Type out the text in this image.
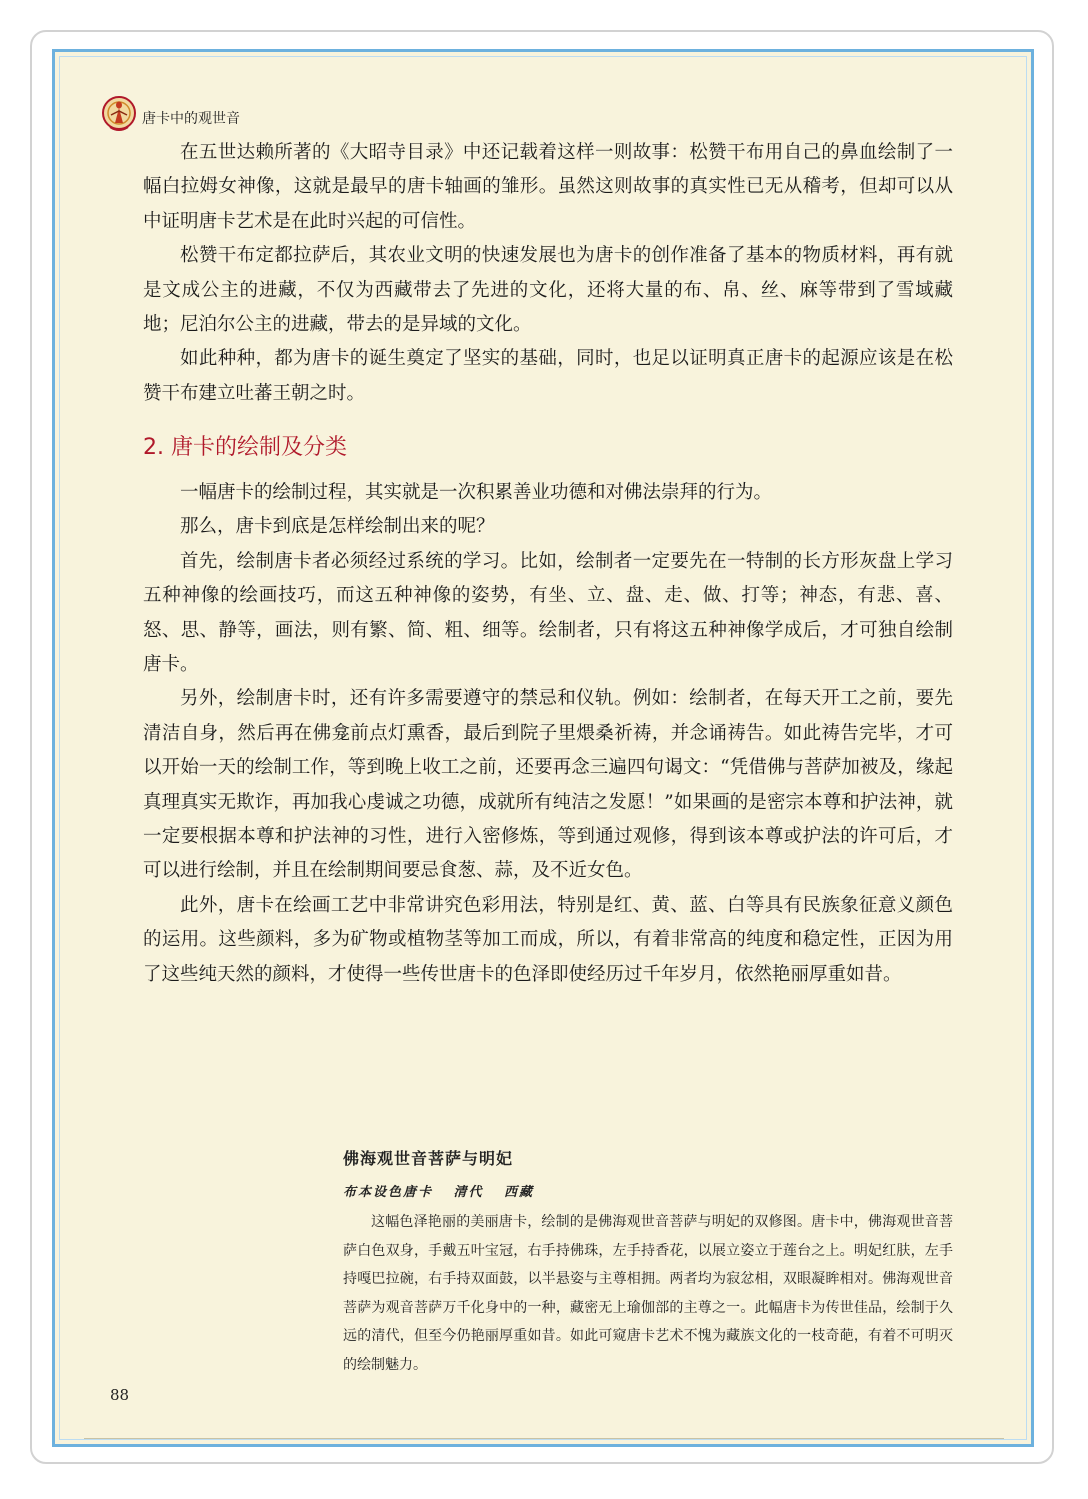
唐卡中的观世音

在五世达赖所著的《大昭寺目录》中还记载着这样一则故事：松赞干布用自己的鼻血绘制了一幅白拉姆女神像，这就是最早的唐卡轴画的雏形。虽然这则故事的真实性已无从稽考，但却可以从中证明唐卡艺术是在此时兴起的可信性。

松赞干布定都拉萨后，其农业文明的快速发展也为唐卡的创作准备了基本的物质材料，再有就是文成公主的进藏，不仅为西藏带去了先进的文化，还将大量的布、帛、丝、麻等带到了雪域藏地；尼泊尔公主的进藏，带去的是异域的文化。

如此种种，都为唐卡的诞生奠定了坚实的基础，同时，也足以证明真正唐卡的起源应该是在松赞干布建立吐蕃王朝之时。

2. 唐卡的绘制及分类

一幅唐卡的绘制过程，其实就是一次积累善业功德和对佛法崇拜的行为。

那么，唐卡到底是怎样绘制出来的呢？

首先，绘制唐卡者必须经过系统的学习。比如，绘制者一定要先在一特制的长方形灰盘上学习五种神像的绘画技巧，而这五种神像的姿势，有坐、立、盘、走、做、打等；神态，有悲、喜、怒、思、静等，画法，则有繁、简、粗、细等。绘制者，只有将这五种神像学成后，才可独自绘制唐卡。

另外，绘制唐卡时，还有许多需要遵守的禁忌和仪轨。例如：绘制者，在每天开工之前，要先清洁自身，然后再在佛龛前点灯熏香，最后到院子里煨桑祈祷，并念诵祷告。如此祷告完毕，才可以开始一天的绘制工作，等到晚上收工之前，还要再念三遍四句谒文：“凭借佛与菩萨加被及，缘起真理真实无欺诈，再加我心虔诚之功德，成就所有纯洁之发愿！”如果画的是密宗本尊和护法神，就一定要根据本尊和护法神的习性，进行入密修炼，等到通过观修，得到该本尊或护法的许可后，才可以进行绘制，并且在绘制期间要忌食葱、蒜，及不近女色。

此外，唐卡在绘画工艺中非常讲究色彩用法，特别是红、黄、蓝、白等具有民族象征意义颜色的运用。这些颜料，多为矿物或植物茎等加工而成，所以，有着非常高的纯度和稳定性，正因为用了这些纯天然的颜料，才使得一些传世唐卡的色泽即使经历过千年岁月，依然艳丽厚重如昔。

佛海观世音菩萨与明妃
布本设色唐卡 清代 西藏
这幅色泽艳丽的美丽唐卡，绘制的是佛海观世音菩萨与明妃的双修图。唐卡中，佛海观世音菩萨白色双身，手戴五叶宝冠，右手持佛珠，左手持香花，以展立姿立于莲台之上。明妃红肤，左手持嘎巴拉碗，右手持双面鼓，以半悬姿与主尊相拥。两者均为寂忿相，双眼凝眸相对。佛海观世音菩萨为观音菩萨万千化身中的一种，藏密无上瑜伽部的主尊之一。此幅唐卡为传世佳品，绘制于久远的清代，但至今仍艳丽厚重如昔。如此可窥唐卡艺术不愧为藏族文化的一枝奇葩，有着不可明灭的绘制魅力。
88
